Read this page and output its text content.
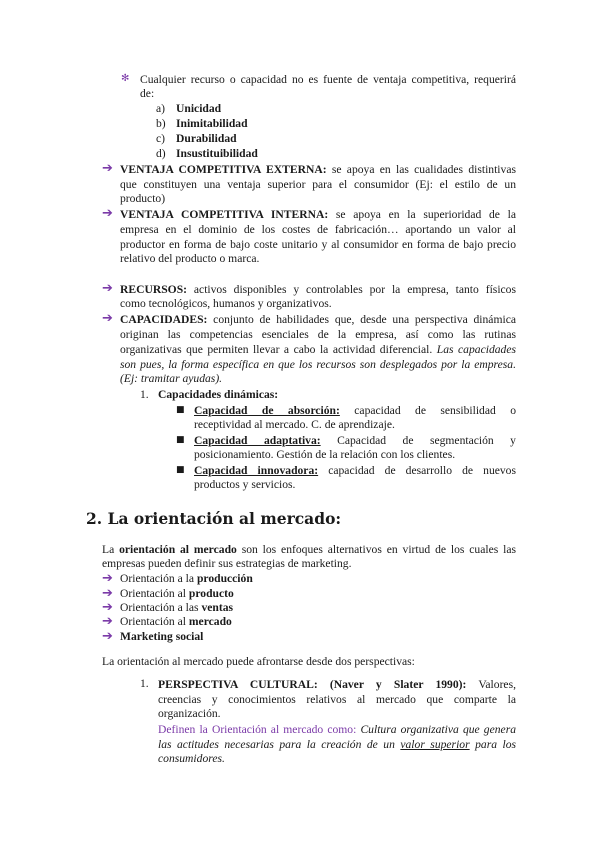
✻ Cualquier recurso o capacidad no es fuente de ventaja competitiva, requerirá
de:
a) Unicidad
b) Inimitabilidad
c) Durabilidad
d) Insustituibilidad
➔ VENTAJA COMPETITIVA EXTERNA: se apoya en las cualidades distintivas
que constituyen una ventaja superior para el consumidor (Ej: el estilo de un
producto)
➔ VENTAJA COMPETITIVA INTERNA: se apoya en la superioridad de la
empresa en el dominio de los costes de fabricación… aportando un valor al
productor en forma de bajo coste unitario y al consumidor en forma de bajo precio
relativo del producto o marca.
➔ RECURSOS: activos disponibles y controlables por la empresa, tanto físicos
como tecnológicos, humanos y organizativos.
➔ CAPACIDADES: conjunto de habilidades que, desde una perspectiva dinámica
originan las competencias esenciales de la empresa, así como las rutinas
organizativas que permiten llevar a cabo la actividad diferencial. Las capacidades
son pues, la forma específica en que los recursos son desplegados por la empresa.
(Ej: tramitar ayudas).
1. Capacidades dinámicas:
■ Capacidad de absorción: capacidad de sensibilidad o
receptividad al mercado. C. de aprendizaje.
■ Capacidad adaptativa: Capacidad de segmentación y
posicionamiento. Gestión de la relación con los clientes.
■ Capacidad innovadora: capacidad de desarrollo de nuevos
productos y servicios.
2. La orientación al mercado:
La orientación al mercado son los enfoques alternativos en virtud de los cuales las
empresas pueden definir sus estrategias de marketing.
➔ Orientación a la producción
➔ Orientación al producto
➔ Orientación a las ventas
➔ Orientación al mercado
➔ Marketing social
La orientación al mercado puede afrontarse desde dos perspectivas:
1. PERSPECTIVA CULTURAL: (Naver y Slater 1990): Valores,
creencias y conocimientos relativos al mercado que comparte la
organización.
Definen la Orientación al mercado como: Cultura organizativa que genera
las actitudes necesarias para la creación de un valor superior para los
consumidores.
